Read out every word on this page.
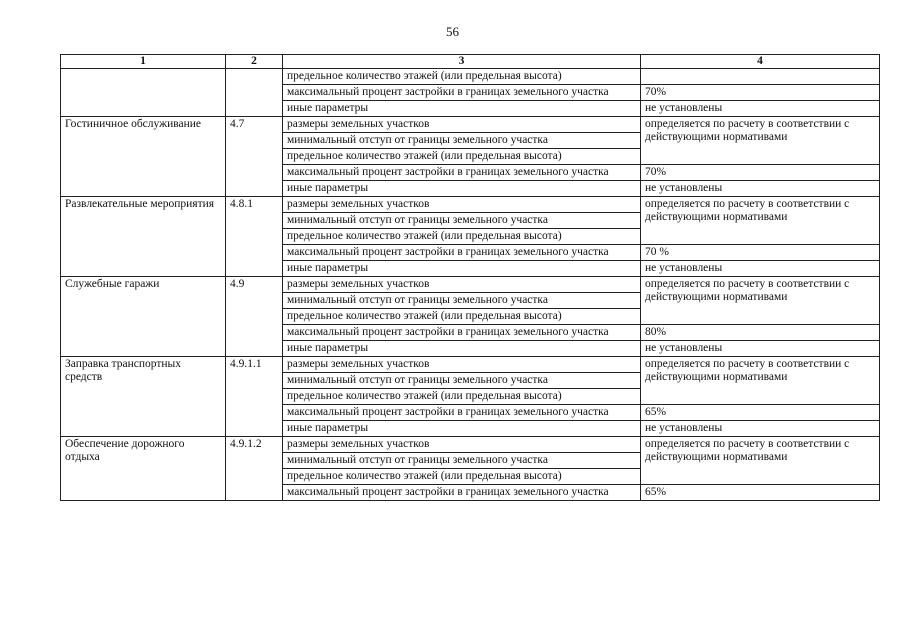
56
1	2	3	4
		предельное количество этажей (или предельная высота)	
		максимальный процент застройки в границах земельного участка	70%
		иные параметры	не установлены
Гостиничное обслуживание	4.7	размеры земельных участков	определяется по расчету в соответствии с действующими нормативами
		минимальный отступ от границы земельного участка	
		предельное количество этажей (или предельная высота)	
		максимальный процент застройки в границах земельного участка	70%
		иные параметры	не установлены
Развлекательные мероприятия	4.8.1	размеры земельных участков	определяется по расчету в соответствии с действующими нормативами
		минимальный отступ от границы земельного участка	
		предельное количество этажей (или предельная высота)	
		максимальный процент застройки в границах земельного участка	70 %
		иные параметры	не установлены
Служебные гаражи	4.9	размеры земельных участков	определяется по расчету в соответствии с действующими нормативами
		минимальный отступ от границы земельного участка	
		предельное количество этажей (или предельная высота)	
		максимальный процент застройки в границах земельного участка	80%
		иные параметры	не установлены
Заправка транспортных средств	4.9.1.1	размеры земельных участков	определяется по расчету в соответствии с действующими нормативами
		минимальный отступ от границы земельного участка	
		предельное количество этажей (или предельная высота)	
		максимальный процент застройки в границах земельного участка	65%
		иные параметры	не установлены
Обеспечение дорожного отдыха	4.9.1.2	размеры земельных участков	определяется по расчету в соответствии с действующими нормативами
		минимальный отступ от границы земельного участка	
		предельное количество этажей (или предельная высота)	
		максимальный процент застройки в границах земельного участка	65%
